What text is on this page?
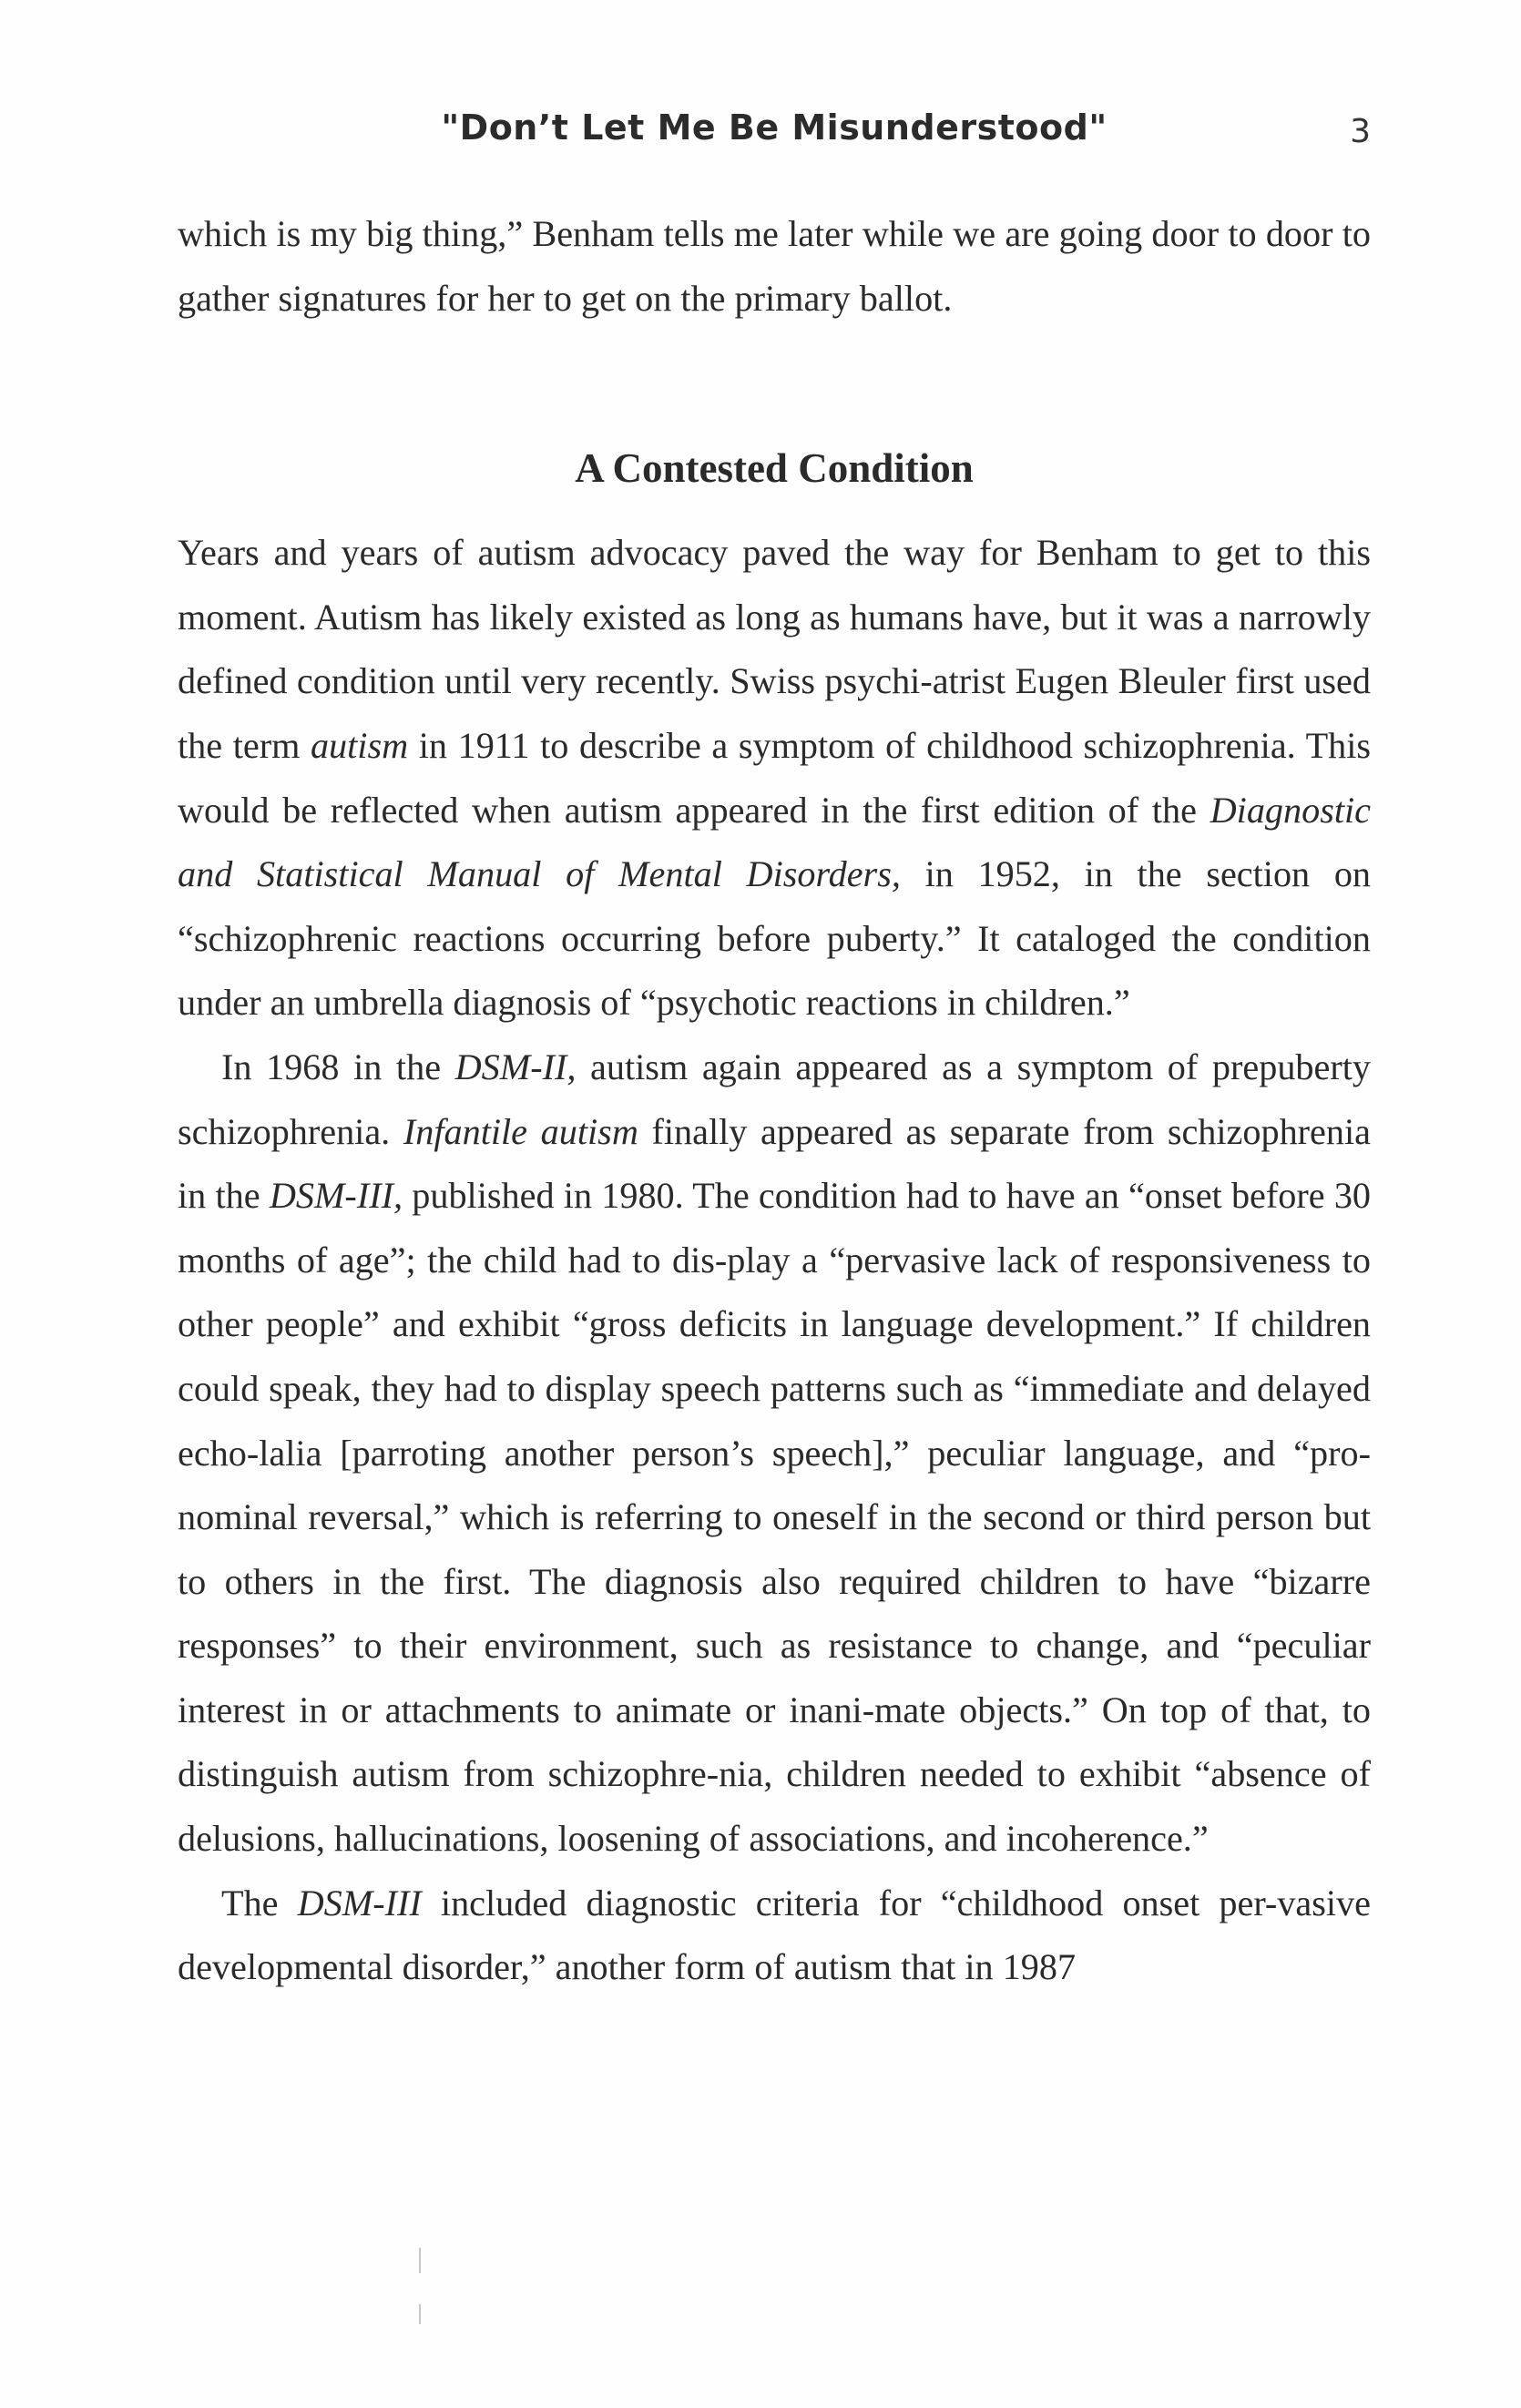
"Don’t Let Me Be Misunderstood"	3

which is my big thing,” Benham tells me later while we are going door to door to gather signatures for her to get on the primary ballot.

A Contested Condition

Years and years of autism advocacy paved the way for Benham to get to this moment. Autism has likely existed as long as humans have, but it was a narrowly defined condition until very recently. Swiss psychi-atrist Eugen Bleuler first used the term autism in 1911 to describe a symptom of childhood schizophrenia. This would be reflected when autism appeared in the first edition of the Diagnostic and Statistical Manual of Mental Disorders, in 1952, in the section on “schizophrenic reactions occurring before puberty.” It cataloged the condition under an umbrella diagnosis of “psychotic reactions in children.”

In 1968 in the DSM-II, autism again appeared as a symptom of prepuberty schizophrenia. Infantile autism finally appeared as separate from schizophrenia in the DSM-III, published in 1980. The condition had to have an “onset before 30 months of age”; the child had to dis-play a “pervasive lack of responsiveness to other people” and exhibit “gross deficits in language development.” If children could speak, they had to display speech patterns such as “immediate and delayed echo-lalia [parroting another person’s speech],” peculiar language, and “pro-nominal reversal,” which is referring to oneself in the second or third person but to others in the first. The diagnosis also required children to have “bizarre responses” to their environment, such as resistance to change, and “peculiar interest in or attachments to animate or inani-mate objects.” On top of that, to distinguish autism from schizophre-nia, children needed to exhibit “absence of delusions, hallucinations, loosening of associations, and incoherence.”

The DSM-III included diagnostic criteria for “childhood onset per-vasive developmental disorder,” another form of autism that in 1987
